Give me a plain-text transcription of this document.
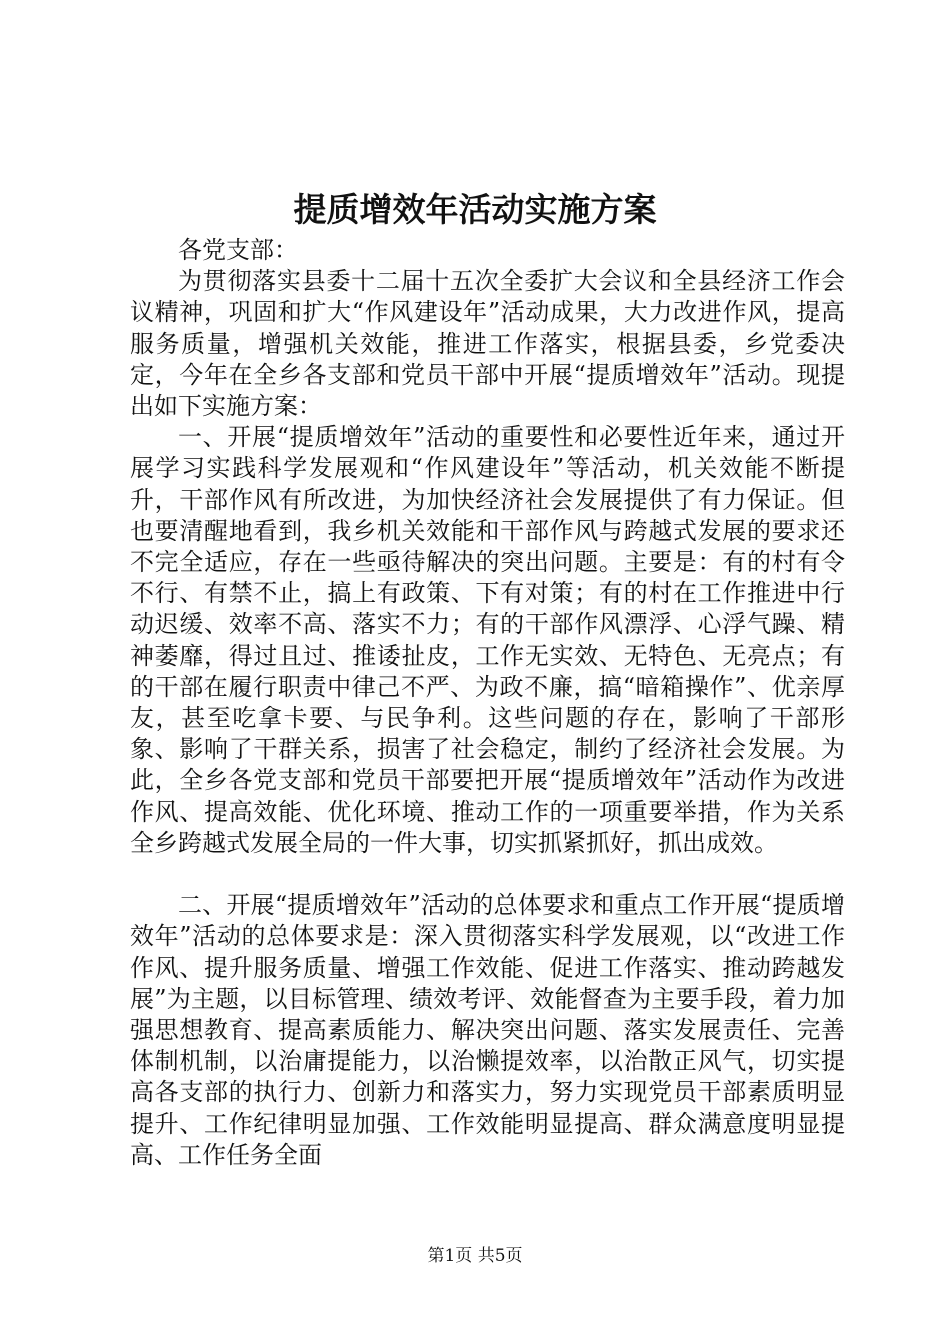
提质增效年活动实施方案

各党支部：

为贯彻落实县委十二届十五次全委扩大会议和全县经济工作会议精神，巩固和扩大“作风建设年”活动成果，大力改进作风，提高服务质量，增强机关效能，推进工作落实，根据县委，乡党委决定，今年在全乡各支部和党员干部中开展“提质增效年”活动。现提出如下实施方案：

一、开展“提质增效年”活动的重要性和必要性近年来，通过开展学习实践科学发展观和“作风建设年”等活动，机关效能不断提升，干部作风有所改进，为加快经济社会发展提供了有力保证。但也要清醒地看到，我乡机关效能和干部作风与跨越式发展的要求还不完全适应，存在一些亟待解决的突出问题。主要是：有的村有令不行、有禁不止，搞上有政策、下有对策；有的村在工作推进中行动迟缓、效率不高、落实不力；有的干部作风漂浮、心浮气躁、精神萎靡，得过且过、推诿扯皮，工作无实效、无特色、无亮点；有的干部在履行职责中律己不严、为政不廉，搞“暗箱操作”、优亲厚友，甚至吃拿卡要、与民争利。这些问题的存在，影响了干部形象、影响了干群关系，损害了社会稳定，制约了经济社会发展。为此，全乡各党支部和党员干部要把开展“提质增效年”活动作为改进作风、提高效能、优化环境、推动工作的一项重要举措，作为关系全乡跨越式发展全局的一件大事，切实抓紧抓好，抓出成效。

二、开展“提质增效年”活动的总体要求和重点工作开展“提质增效年”活动的总体要求是：深入贯彻落实科学发展观，以“改进工作作风、提升服务质量、增强工作效能、促进工作落实、推动跨越发展”为主题，以目标管理、绩效考评、效能督查为主要手段，着力加强思想教育、提高素质能力、解决突出问题、落实发展责任、完善体制机制，以治庸提能力，以治懒提效率，以治散正风气，切实提高各支部的执行力、创新力和落实力，努力实现党员干部素质明显提升、工作纪律明显加强、工作效能明显提高、群众满意度明显提高、工作任务全面

第1页 共5页
